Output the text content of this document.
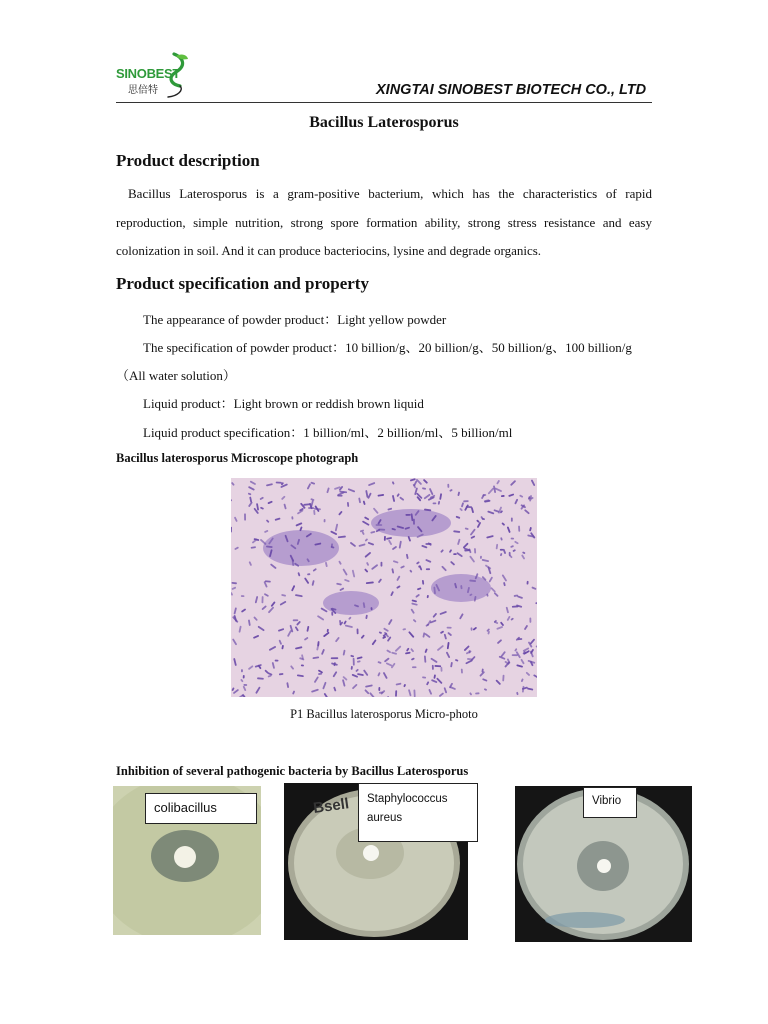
SINOBEST
思倍特	XINGTAI SINOBEST BIOTECH CO., LTD
Bacillus Laterosporus
Product description
Bacillus Laterosporus is a gram-positive bacterium, which has the characteristics of rapid reproduction, simple nutrition, strong spore formation ability, strong stress resistance and easy colonization in soil. And it can produce bacteriocins, lysine and degrade organics.
Product specification and property
The appearance of powder product：Light yellow powder
The specification of powder product：10 billion/g、20 billion/g、50 billion/g、100 billion/g
（All water solution）
Liquid product：Light brown or reddish brown liquid
Liquid product specification：1 billion/ml、2 billion/ml、5 billion/ml
Bacillus laterosporus Microscope photograph
P1 Bacillus laterosporus Micro-photo
Inhibition of several pathogenic bacteria by Bacillus Laterosporus
Bsell
colibacillus
Staphylococcus aureus
Vibrio
